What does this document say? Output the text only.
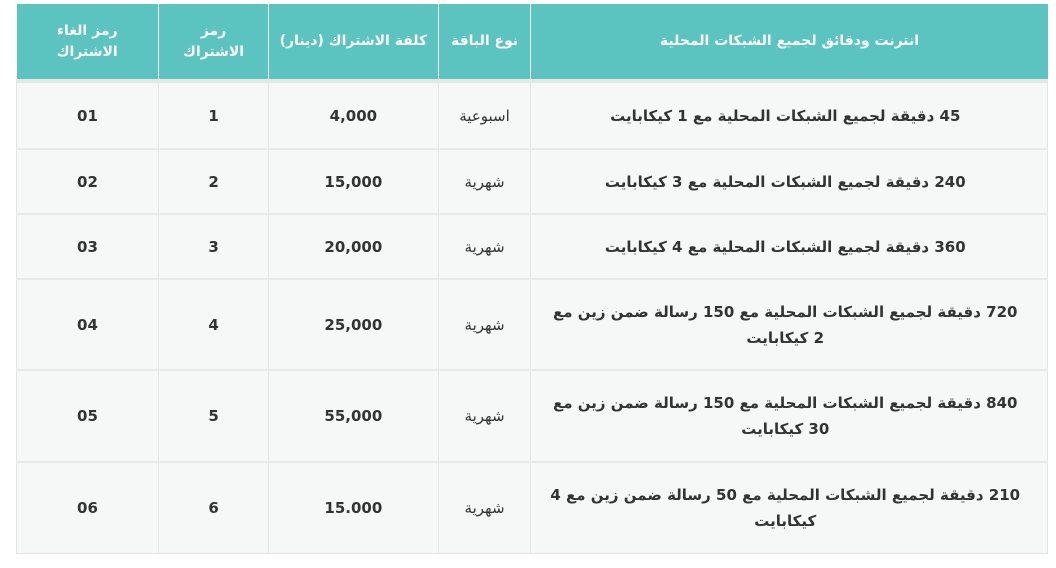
انترنت ودقائق لجميع الشبكات المحلية	نوع الباقة	كلفة الاشتراك (دينار)	رمز الاشتراك	رمز الغاء الاشتراك
45 دقيقة لجميع الشبكات المحلية مع 1 كيكابايت	اسبوعية	4,000	1	01
240 دقيقة لجميع الشبكات المحلية مع 3 كيكابايت	شهرية	15,000	2	02
360 دقيقة لجميع الشبكات المحلية مع 4 كيكابايت	شهرية	20,000	3	03
720 دقيقة لجميع الشبكات المحلية مع 150 رسالة ضمن زين مع 2 كيكابايت	شهرية	25,000	4	04
840 دقيقة لجميع الشبكات المحلية مع 150 رسالة ضمن زين مع 30 كيكابايت	شهرية	55,000	5	05
210 دقيقة لجميع الشبكات المحلية مع 50 رسالة ضمن زين مع 4 كيكابايت	شهرية	15.000	6	06
